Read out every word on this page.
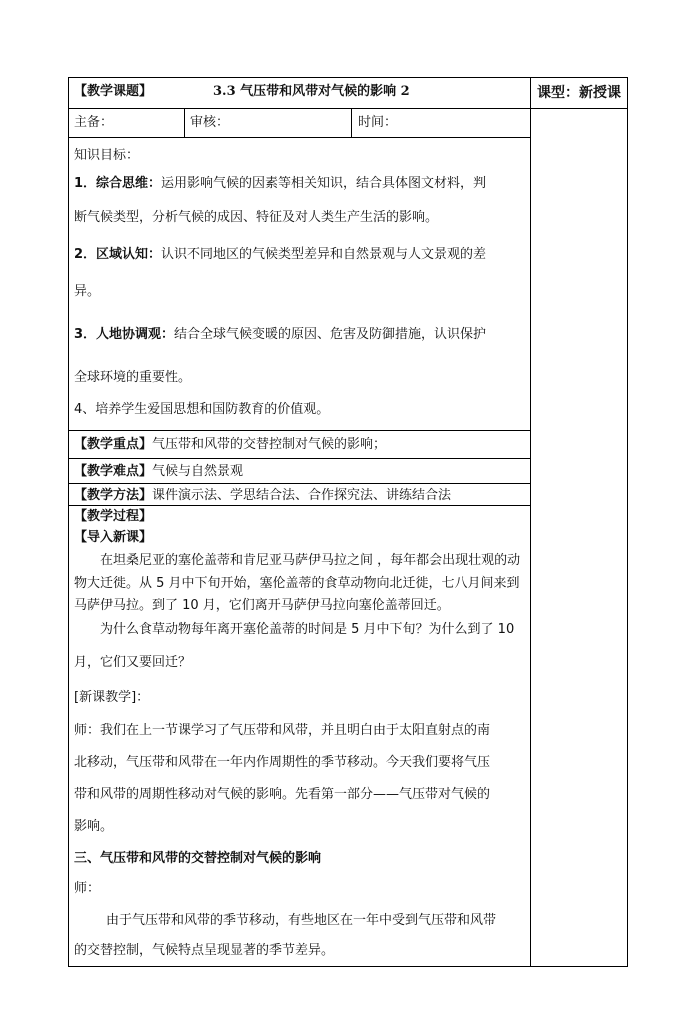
【教学课题】	3.3 气压带和风带对气候的影响 2	课型：新授课
主备：	审核：	时间：
知识目标：
1．综合思维：运用影响气候的因素等相关知识，结合具体图文材料，判
断气候类型，分析气候的成因、特征及对人类生产生活的影响。
2．区域认知：认识不同地区的气候类型差异和自然景观与人文景观的差
异。
3．人地协调观：结合全球气候变暖的原因、危害及防御措施，认识保护
全球环境的重要性。
4、培养学生爱国思想和国防教育的价值观。
【教学重点】气压带和风带的交替控制对气候的影响；
【教学难点】气候与自然景观
【教学方法】课件演示法、学思结合法、合作探究法、讲练结合法
【教学过程】
【导入新课】
在坦桑尼亚的塞伦盖蒂和肯尼亚马萨伊马拉之间 ，每年都会出现壮观的动
物大迁徙。从 5 月中下旬开始，塞伦盖蒂的食草动物向北迁徙，七八月间来到
马萨伊马拉。到了 10 月，它们离开马萨伊马拉向塞伦盖蒂回迁。
为什么食草动物每年离开塞伦盖蒂的时间是 5 月中下旬？为什么到了 10
月，它们又要回迁？
[新课教学]：
师：我们在上一节课学习了气压带和风带，并且明白由于太阳直射点的南
北移动，气压带和风带在一年内作周期性的季节移动。今天我们要将气压
带和风带的周期性移动对气候的影响。先看第一部分——气压带对气候的
影响。
三、气压带和风带的交替控制对气候的影响
师：
由于气压带和风带的季节移动，有些地区在一年中受到气压带和风带
的交替控制，气候特点呈现显著的季节差异。
